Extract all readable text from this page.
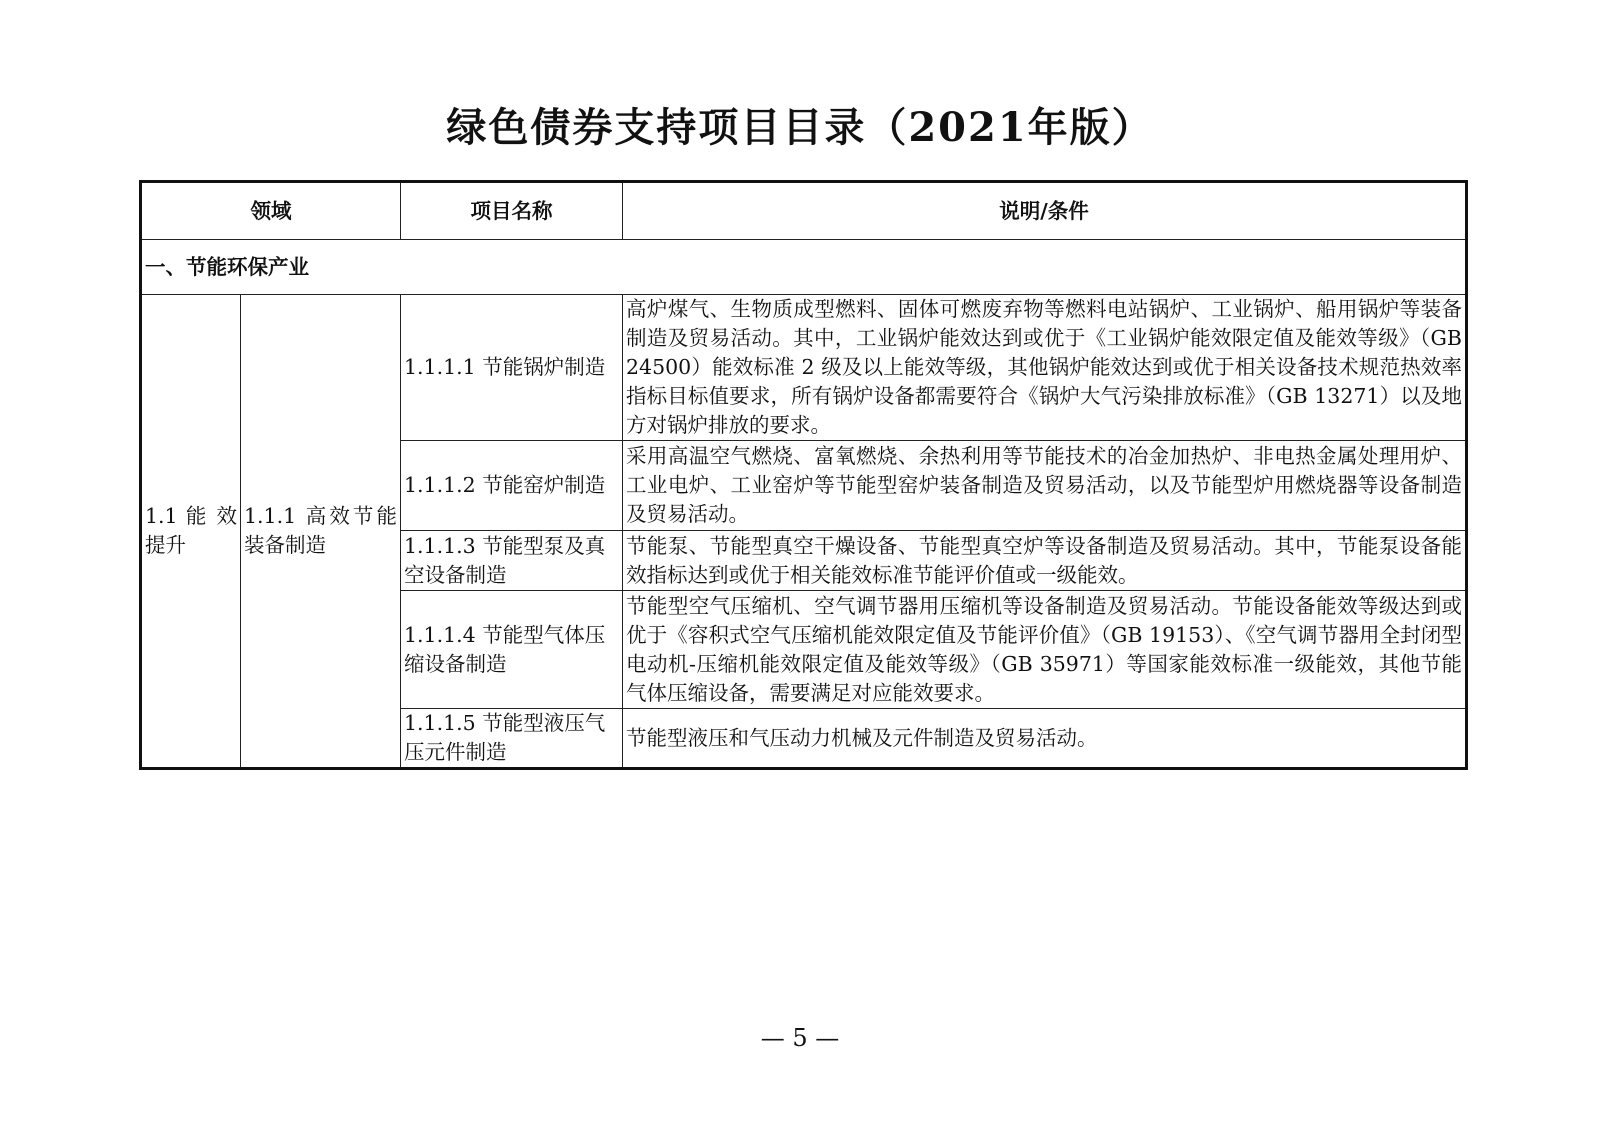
绿色债券支持项目目录（2021年版）
领域		项目名称	说明/条件
一、节能环保产业			
1.1 能 效提升	1.1.1 高效节能装备制造	1.1.1.1 节能锅炉制造	高炉煤气、生物质成型燃料、固体可燃废弃物等燃料电站锅炉、工业锅炉、船用锅炉等装备制造及贸易活动。其中，工业锅炉能效达到或优于《工业锅炉能效限定值及能效等级》（GB 24500）能效标准 2 级及以上能效等级，其他锅炉能效达到或优于相关设备技术规范热效率指标目标值要求，所有锅炉设备都需要符合《锅炉大气污染排放标准》（GB 13271）以及地方对锅炉排放的要求。
		1.1.1.2 节能窑炉制造	采用高温空气燃烧、富氧燃烧、余热利用等节能技术的冶金加热炉、非电热金属处理用炉、工业电炉、工业窑炉等节能型窑炉装备制造及贸易活动，以及节能型炉用燃烧器等设备制造及贸易活动。
		1.1.1.3 节能型泵及真空设备制造	节能泵、节能型真空干燥设备、节能型真空炉等设备制造及贸易活动。其中，节能泵设备能效指标达到或优于相关能效标准节能评价值或一级能效。
		1.1.1.4 节能型气体压缩设备制造	节能型空气压缩机、空气调节器用压缩机等设备制造及贸易活动。节能设备能效等级达到或优于《容积式空气压缩机能效限定值及节能评价值》（GB 19153）、《空气调节器用全封闭型电动机-压缩机能效限定值及能效等级》（GB 35971）等国家能效标准一级能效，其他节能气体压缩设备，需要满足对应能效要求。
		1.1.1.5 节能型液压气压元件制造	节能型液压和气压动力机械及元件制造及贸易活动。
— 5 —
